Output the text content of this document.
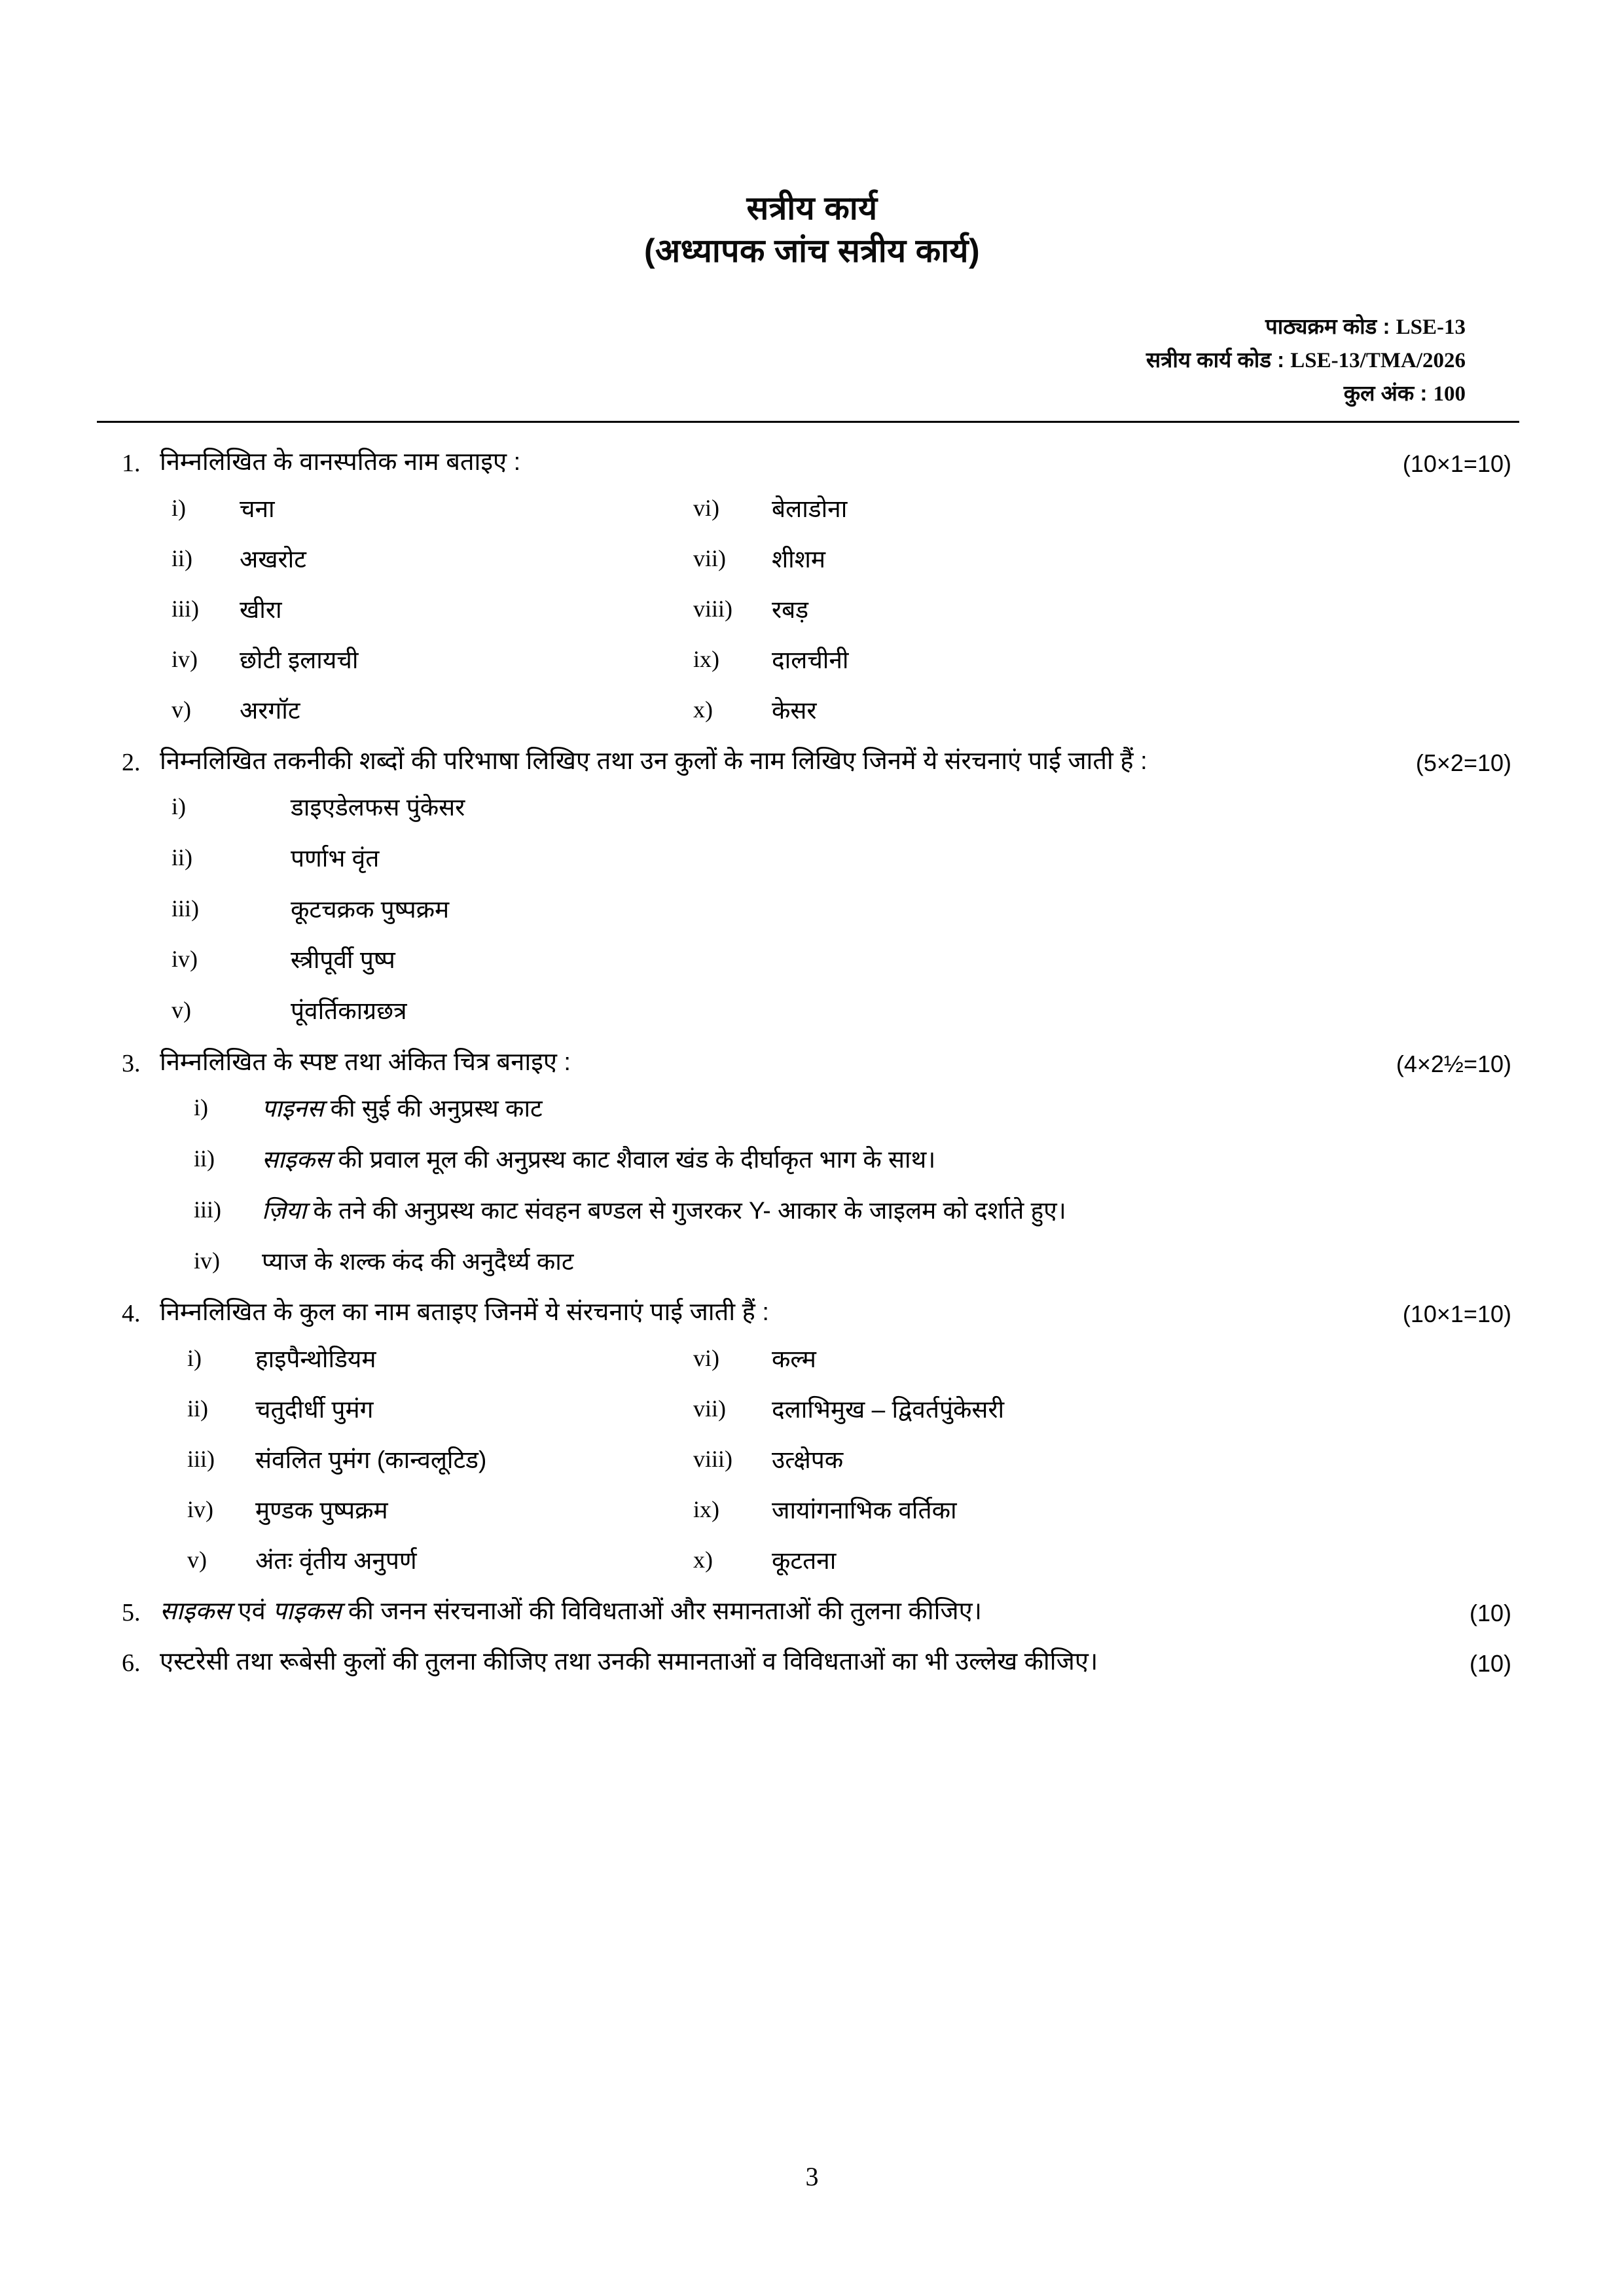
सत्रीय कार्य
(अध्यापक जांच सत्रीय कार्य)
पाठ्यक्रम कोड : LSE-13
सत्रीय कार्य कोड : LSE-13/TMA/2026
कुल अंक : 100
1. निम्नलिखित के वानस्पतिक नाम बताइए :	(10×1=10)
i)	चना	vi)	बेलाडोना
ii)	अखरोट	vii)	शीशम
iii)	खीरा	viii)	रबड़
iv)	छोटी इलायची	ix)	दालचीनी
v)	अरगॉट	x)	केसर
2. निम्नलिखित तकनीकी शब्दों की परिभाषा लिखिए तथा उन कुलों के नाम लिखिए जिनमें ये संरचनाएं पाई जाती हैं :	(5×2=10)
i)	डाइएडेलफस पुंकेसर
ii)	पर्णाभ वृंत
iii)	कूटचक्रक पुष्पक्रम
iv)	स्त्रीपूर्वी पुष्प
v)	पूंवर्तिकाग्रछत्र
3. निम्नलिखित के स्पष्ट तथा अंकित चित्र बनाइए :	(4×2½=10)
i)	पाइनस की सुई की अनुप्रस्थ काट
ii)	साइकस की प्रवाल मूल की अनुप्रस्थ काट शैवाल खंड के दीर्घाकृत भाग के साथ।
iii)	ज़िया के तने की अनुप्रस्थ काट संवहन बण्डल से गुजरकर Y- आकार के जाइलम को दर्शाते हुए।
iv)	प्याज के शल्क कंद की अनुदैर्ध्य काट
4. निम्नलिखित के कुल का नाम बताइए जिनमें ये संरचनाएं पाई जाती हैं :	(10×1=10)
i)	हाइपैन्थोडियम	vi)	कल्म
ii)	चतुदीर्धी पुमंग	vii)	दलाभिमुख – द्विवर्तपुंकेसरी
iii)	संवलित पुमंग (कान्वलूटिड)	viii)	उत्क्षेपक
iv)	मुण्डक पुष्पक्रम	ix)	जायांगनाभिक वर्तिका
v)	अंतः वृंतीय अनुपर्ण	x)	कूटतना
5. साइकस एवं पाइकस की जनन संरचनाओं की विविधताओं और समानताओं की तुलना कीजिए।	(10)
6. एस्टरेसी तथा रूबेसी कुलों की तुलना कीजिए तथा उनकी समानताओं व विविधताओं का भी उल्लेख कीजिए।	(10)
3
